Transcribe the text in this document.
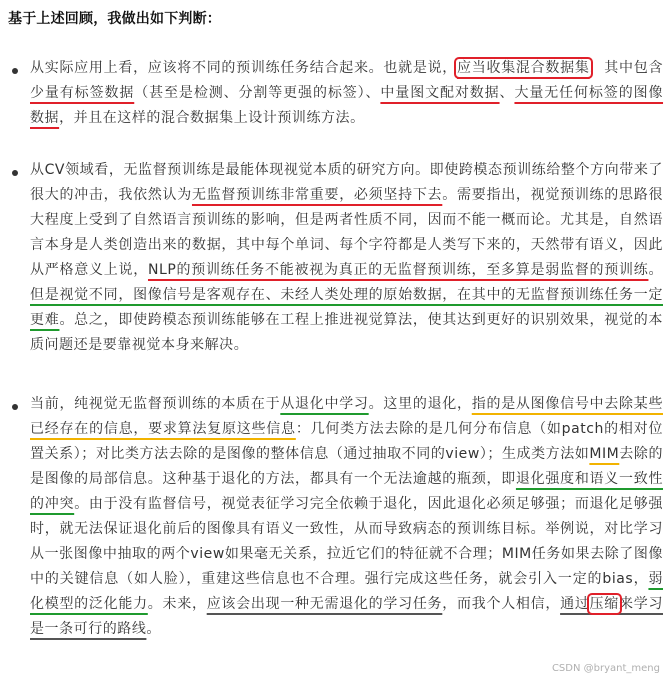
基于上述回顾，我做出如下判断：
从实际应用上看，应该将不同的预训练任务结合起来。也就是说，应当收集混合数据集，其中包含少量有标签数据（甚至是检测、分割等更强的标签）、中量图文配对数据、大量无任何标签的图像数据，并且在这样的混合数据集上设计预训练方法。
从CV领域看，无监督预训练是最能体现视觉本质的研究方向。即使跨模态预训练给整个方向带来了很大的冲击，我依然认为无监督预训练非常重要，必须坚持下去。需要指出，视觉预训练的思路很大程度上受到了自然语言预训练的影响，但是两者性质不同，因而不能一概而论。尤其是，自然语言本身是人类创造出来的数据，其中每个单词、每个字符都是人类写下来的，天然带有语义，因此从严格意义上说，NLP的预训练任务不能被视为真正的无监督预训练，至多算是弱监督的预训练。但是视觉不同，图像信号是客观存在、未经人类处理的原始数据，在其中的无监督预训练任务一定更难。总之，即使跨模态预训练能够在工程上推进视觉算法，使其达到更好的识别效果，视觉的本质问题还是要靠视觉本身来解决。
当前，纯视觉无监督预训练的本质在于从退化中学习。这里的退化，指的是从图像信号中去除某些已经存在的信息，要求算法复原这些信息：几何类方法去除的是几何分布信息（如patch的相对位置关系）；对比类方法去除的是图像的整体信息（通过抽取不同的view）；生成类方法如MIM去除的是图像的局部信息。这种基于退化的方法，都具有一个无法逾越的瓶颈，即退化强度和语义一致性的冲突。由于没有监督信号，视觉表征学习完全依赖于退化，因此退化必须足够强；而退化足够强时，就无法保证退化前后的图像具有语义一致性，从而导致病态的预训练目标。举例说，对比学习从一张图像中抽取的两个view如果毫无关系，拉近它们的特征就不合理；MIM任务如果去除了图像中的关键信息（如人脸），重建这些信息也不合理。强行完成这些任务，就会引入一定的bias，弱化模型的泛化能力。未来，应该会出现一种无需退化的学习任务，而我个人相信，通过压缩来学习是一条可行的路线。
CSDN @bryant_meng
